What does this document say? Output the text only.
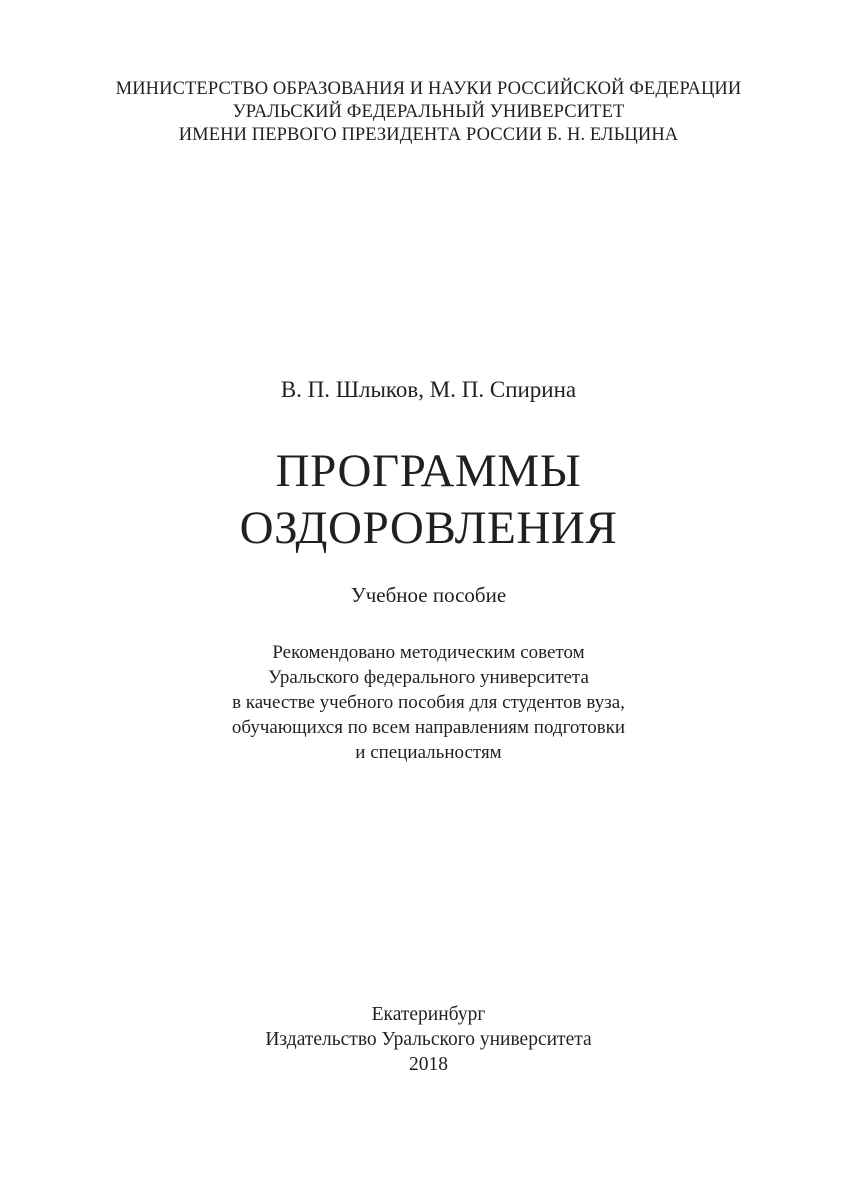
МИНИСТЕРСТВО ОБРАЗОВАНИЯ И НАУКИ РОССИЙСКОЙ ФЕДЕРАЦИИ
УРАЛЬСКИЙ ФЕДЕРАЛЬНЫЙ УНИВЕРСИТЕТ
ИМЕНИ ПЕРВОГО ПРЕЗИДЕНТА РОССИИ Б. Н. ЕЛЬЦИНА
В. П. Шлыков, М. П. Спирина
ПРОГРАММЫ
ОЗДОРОВЛЕНИЯ
Учебное пособие
Рекомендовано методическим советом
Уральского федерального университета
в качестве учебного пособия для студентов вуза,
обучающихся по всем направлениям подготовки
и специальностям
Екатеринбург
Издательство Уральского университета
2018
